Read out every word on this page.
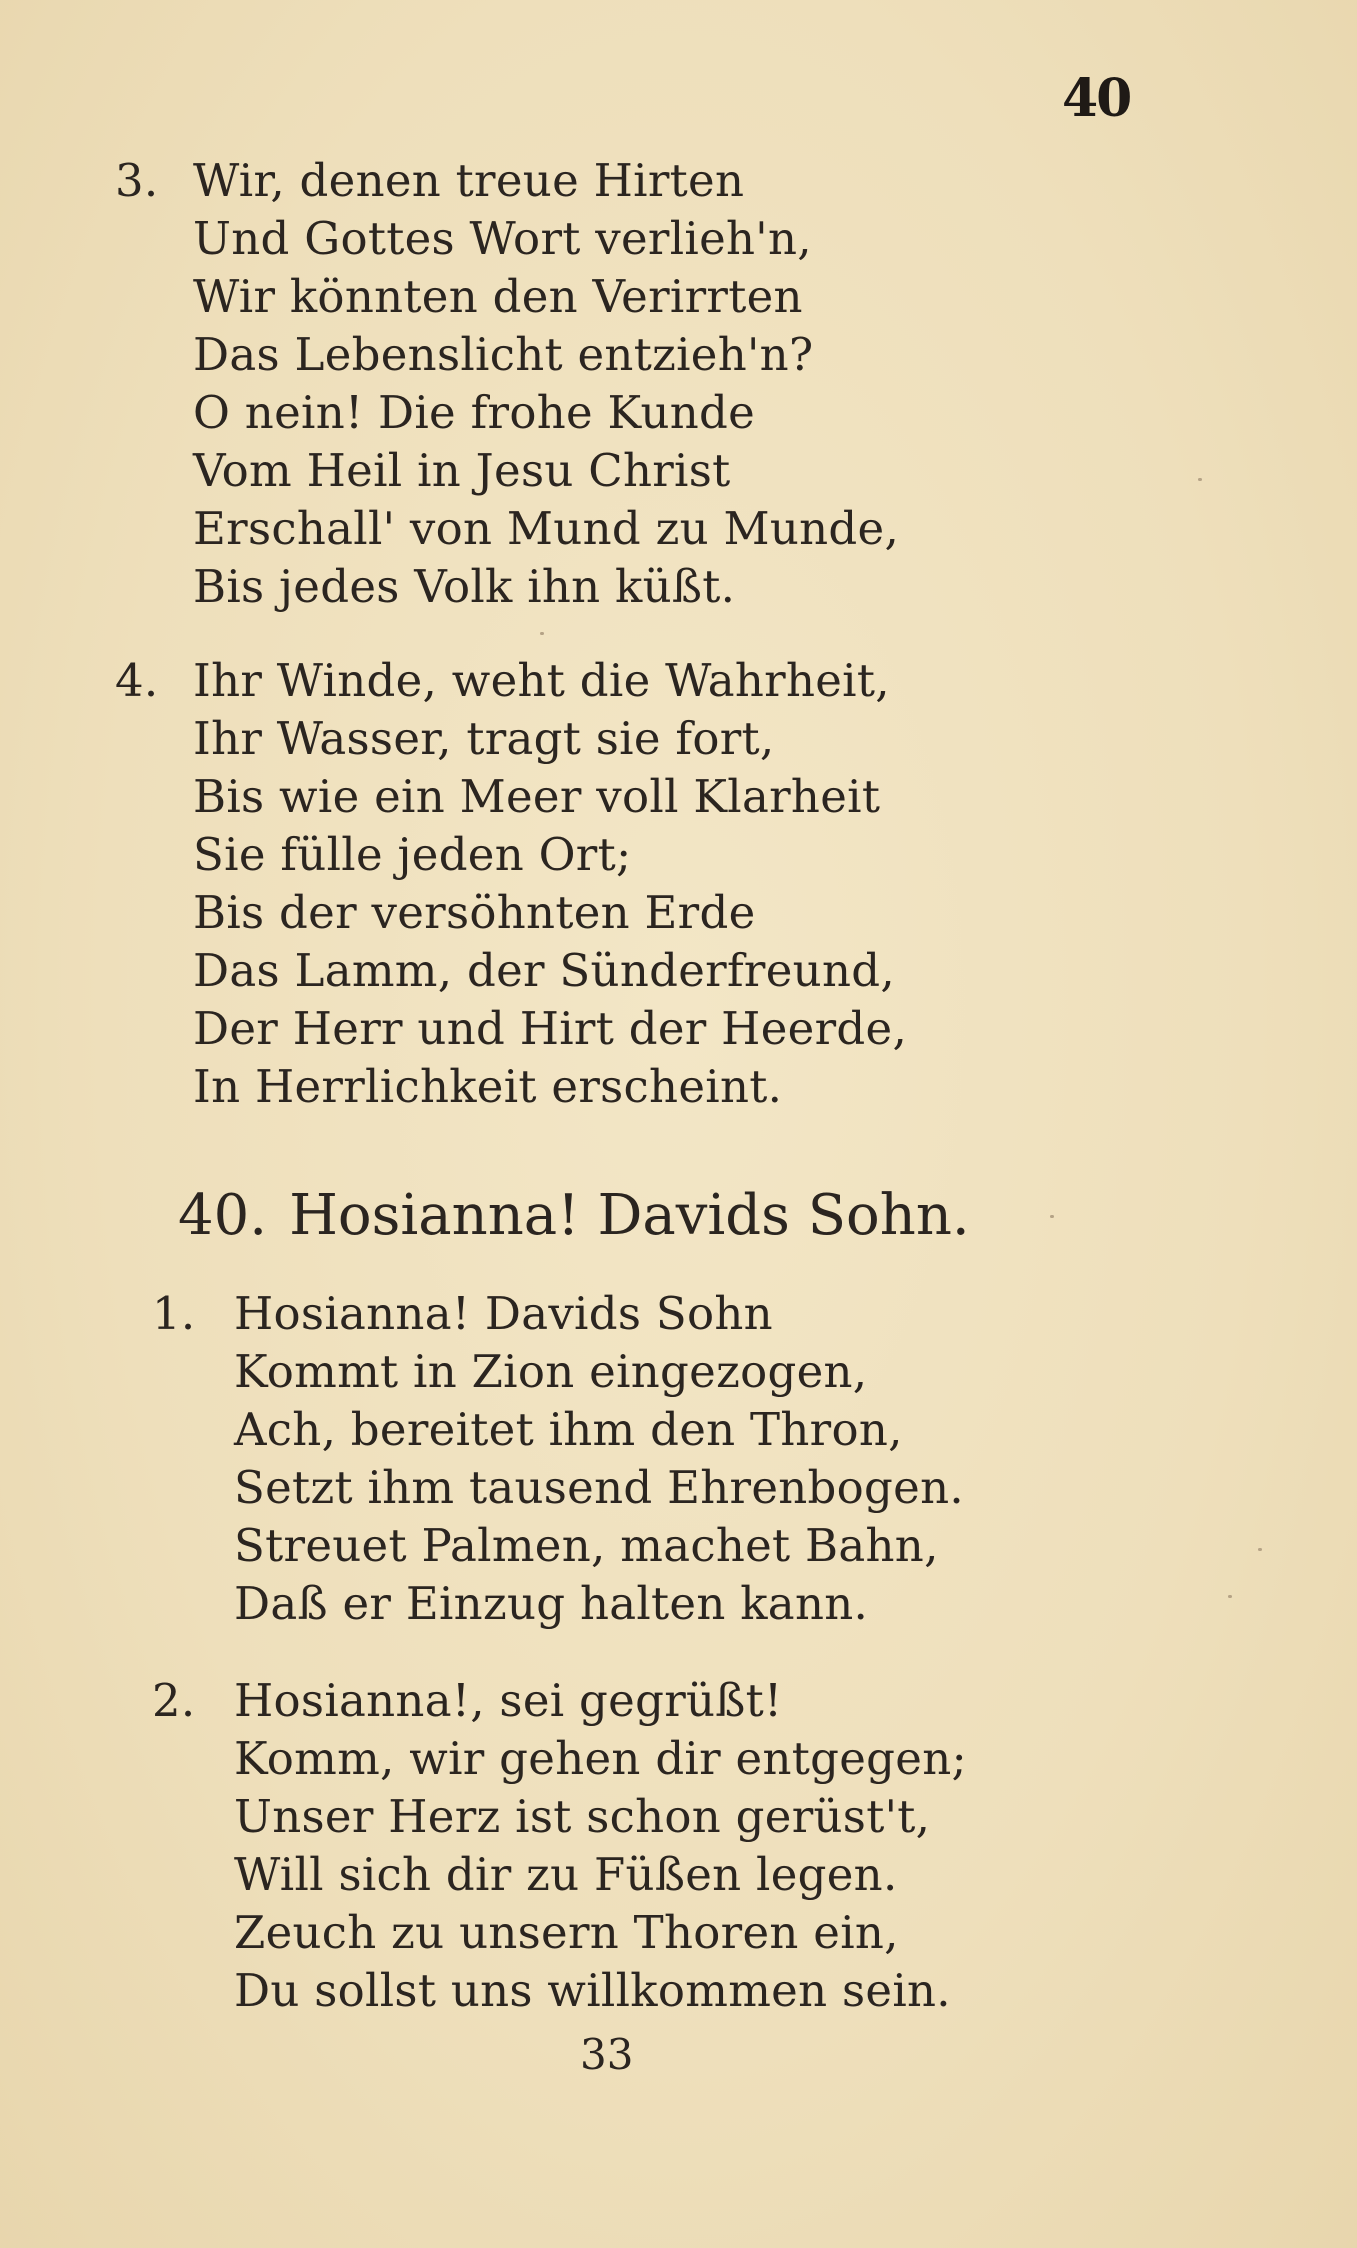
40
3. Wir, denen treue Hirten
Und Gottes Wort verlieh'n,
Wir könnten den Verirrten
Das Lebenslicht entzieh'n?
O nein! Die frohe Kunde
Vom Heil in Jesu Christ
Erschall' von Mund zu Munde,
Bis jedes Volk ihn küßt.
4. Ihr Winde, weht die Wahrheit,
Ihr Wasser, tragt sie fort,
Bis wie ein Meer voll Klarheit
Sie fülle jeden Ort;
Bis der versöhnten Erde
Das Lamm, der Sünderfreund,
Der Herr und Hirt der Heerde,
In Herrlichkeit erscheint.
40. Hosianna! Davids Sohn.
1. Hosianna! Davids Sohn
Kommt in Zion eingezogen,
Ach, bereitet ihm den Thron,
Setzt ihm tausend Ehrenbogen.
Streuet Palmen, machet Bahn,
Daß er Einzug halten kann.
2. Hosianna!, sei gegrüßt!
Komm, wir gehen dir entgegen;
Unser Herz ist schon gerüst't,
Will sich dir zu Füßen legen.
Zeuch zu unsern Thoren ein,
Du sollst uns willkommen sein.
33
